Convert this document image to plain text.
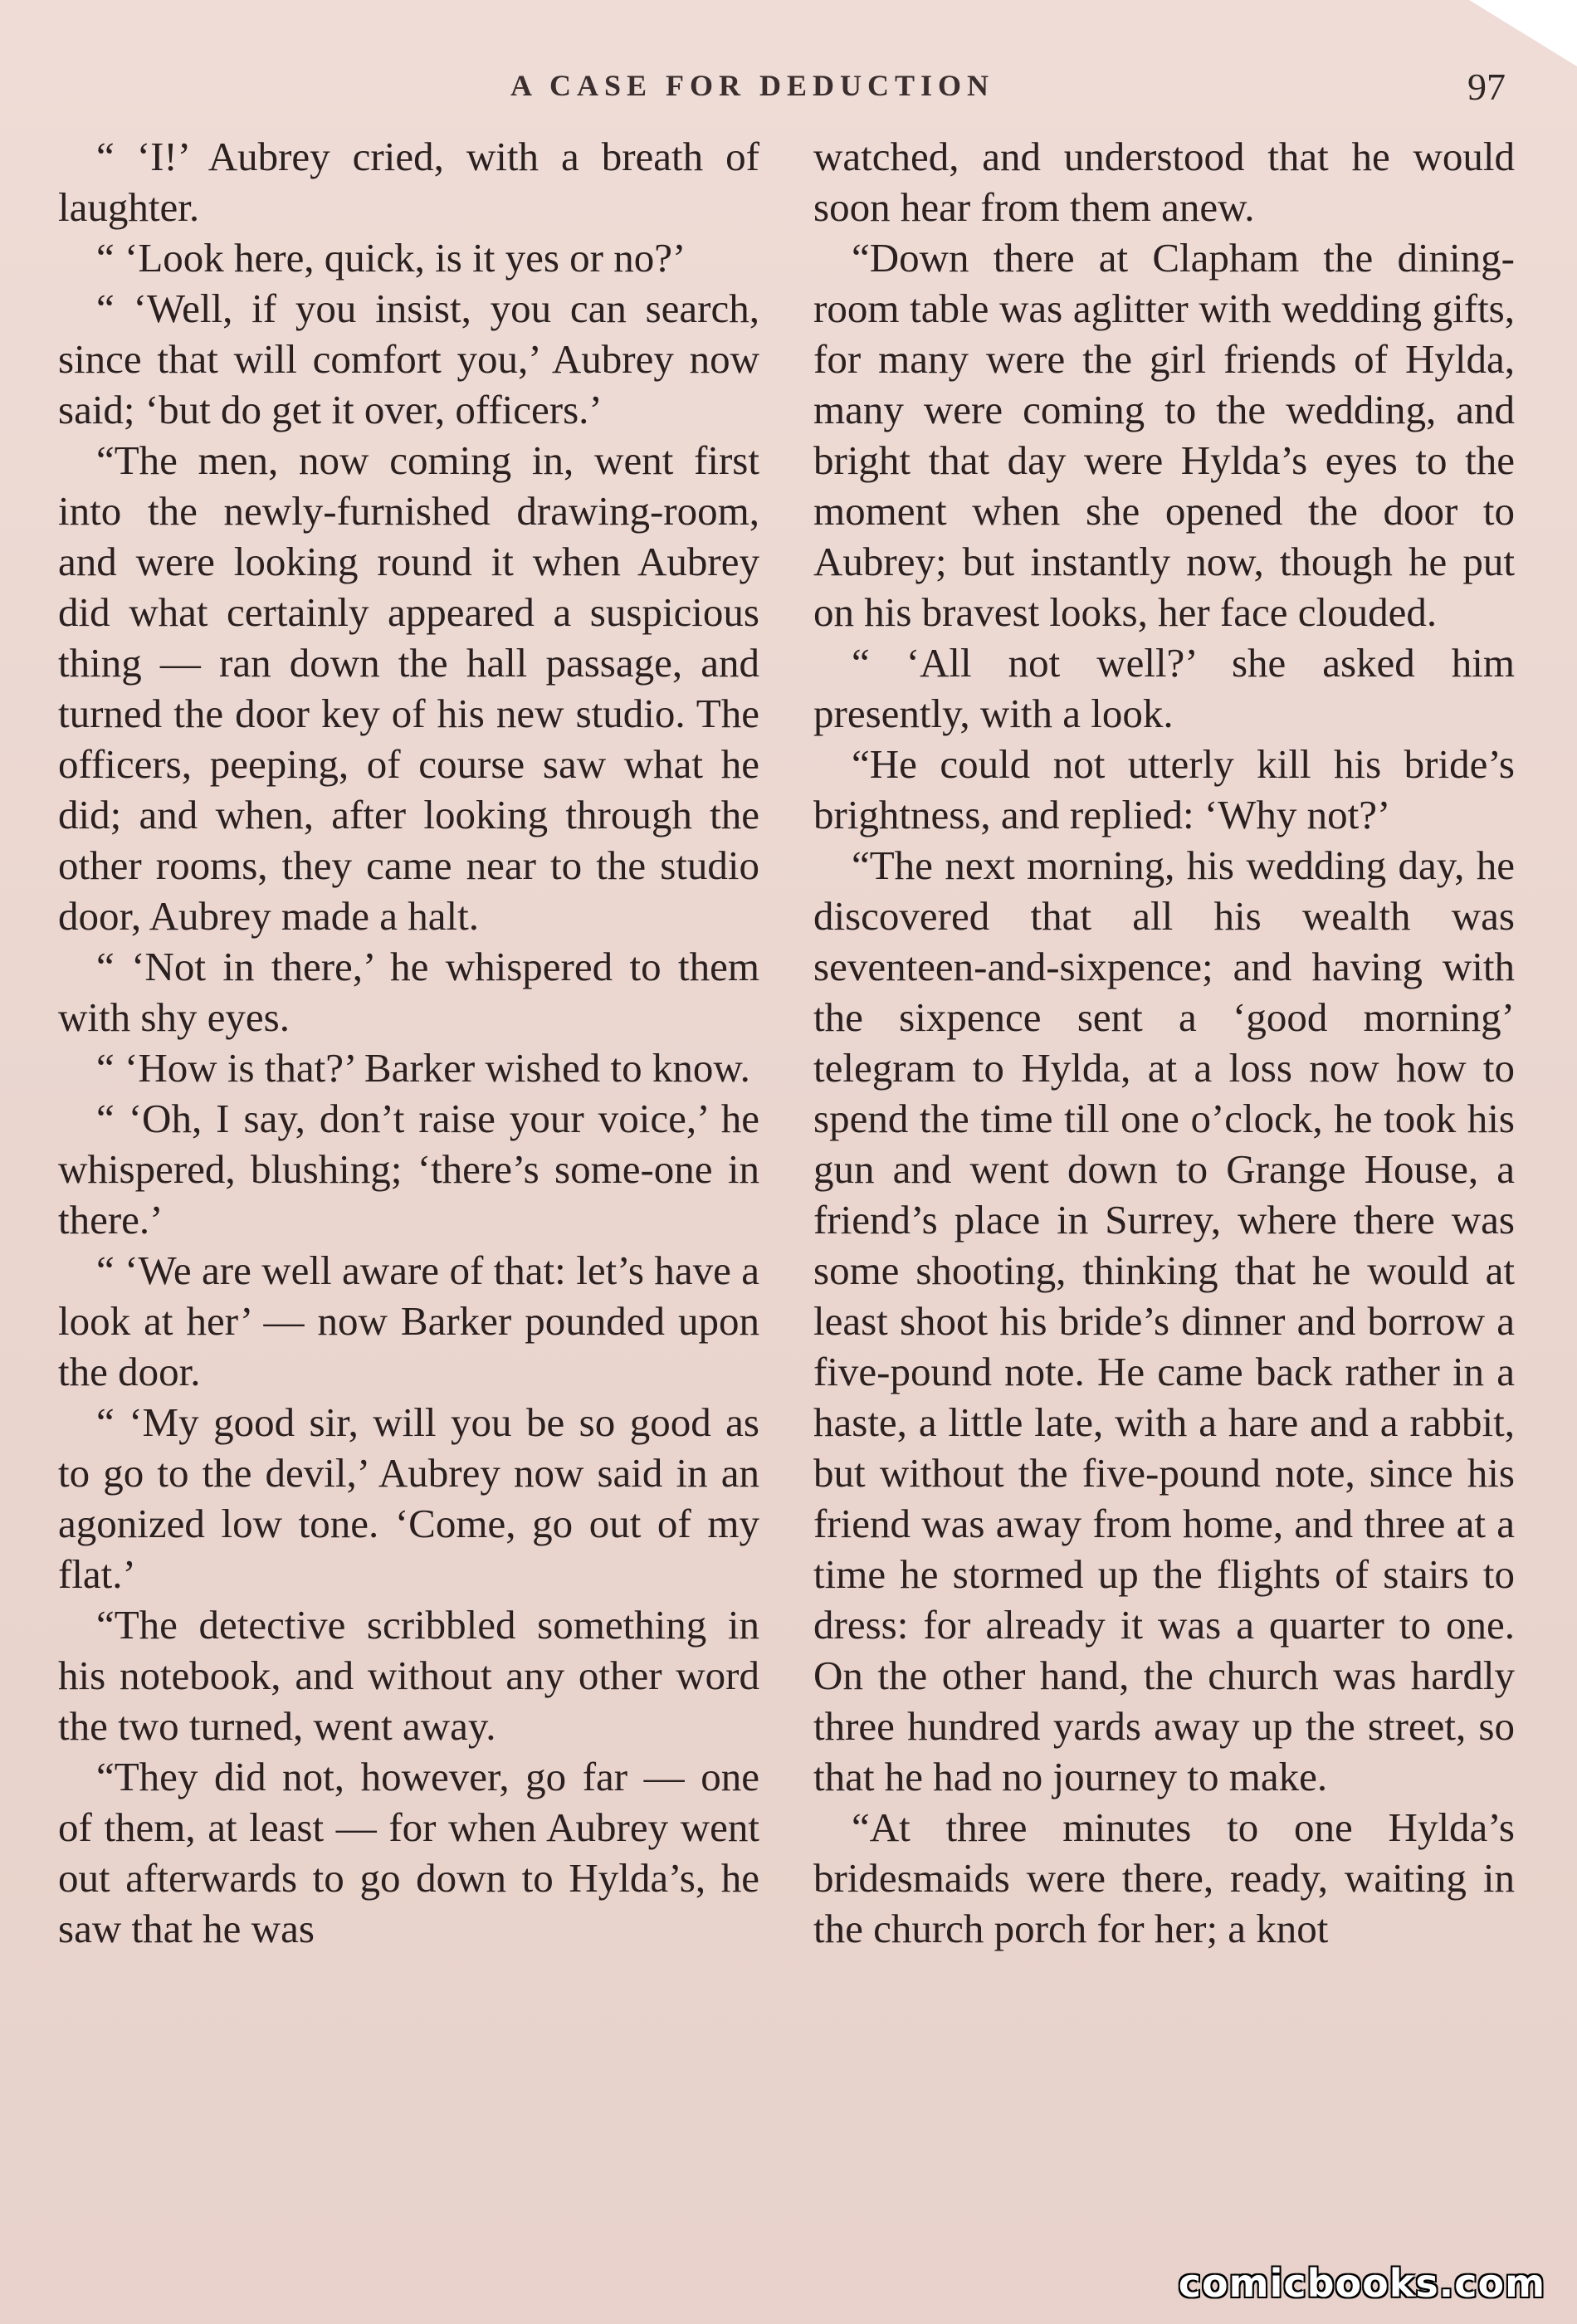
A CASE FOR DEDUCTION	97

“ ‘I!’ Aubrey cried, with a breath of laughter.

“ ‘Look here, quick, is it yes or no?’

“ ‘Well, if you insist, you can search, since that will comfort you,’ Aubrey now said; ‘but do get it over, officers.’

“The men, now coming in, went first into the newly-furnished drawing-room, and were looking round it when Aubrey did what certainly appeared a suspicious thing — ran down the hall passage, and turned the door key of his new studio. The officers, peeping, of course saw what he did; and when, after looking through the other rooms, they came near to the studio door, Aubrey made a halt.

“ ‘Not in there,’ he whispered to them with shy eyes.

“ ‘How is that?’ Barker wished to know.

“ ‘Oh, I say, don’t raise your voice,’ he whispered, blushing; ‘there’s some-one in there.’

“ ‘We are well aware of that: let’s have a look at her’ — now Barker pounded upon the door.

“ ‘My good sir, will you be so good as to go to the devil,’ Aubrey now said in an agonized low tone. ‘Come, go out of my flat.’

“The detective scribbled something in his notebook, and without any other word the two turned, went away.

“They did not, however, go far — one of them, at least — for when Aubrey went out afterwards to go down to Hylda’s, he saw that he was

watched, and understood that he would soon hear from them anew.

“Down there at Clapham the dining-room table was aglitter with wedding gifts, for many were the girl friends of Hylda, many were coming to the wedding, and bright that day were Hylda’s eyes to the moment when she opened the door to Aubrey; but instantly now, though he put on his bravest looks, her face clouded.

“ ‘All not well?’ she asked him presently, with a look.

“He could not utterly kill his bride’s brightness, and replied: ‘Why not?’

“The next morning, his wedding day, he discovered that all his wealth was seventeen-and-sixpence; and having with the sixpence sent a ‘good morning’ telegram to Hylda, at a loss now how to spend the time till one o’clock, he took his gun and went down to Grange House, a friend’s place in Surrey, where there was some shooting, thinking that he would at least shoot his bride’s dinner and borrow a five-pound note. He came back rather in a haste, a little late, with a hare and a rabbit, but without the five-pound note, since his friend was away from home, and three at a time he stormed up the flights of stairs to dress: for already it was a quarter to one. On the other hand, the church was hardly three hundred yards away up the street, so that he had no journey to make.

“At three minutes to one Hylda’s bridesmaids were there, ready, waiting in the church porch for her; a knot

comicbooks.com
